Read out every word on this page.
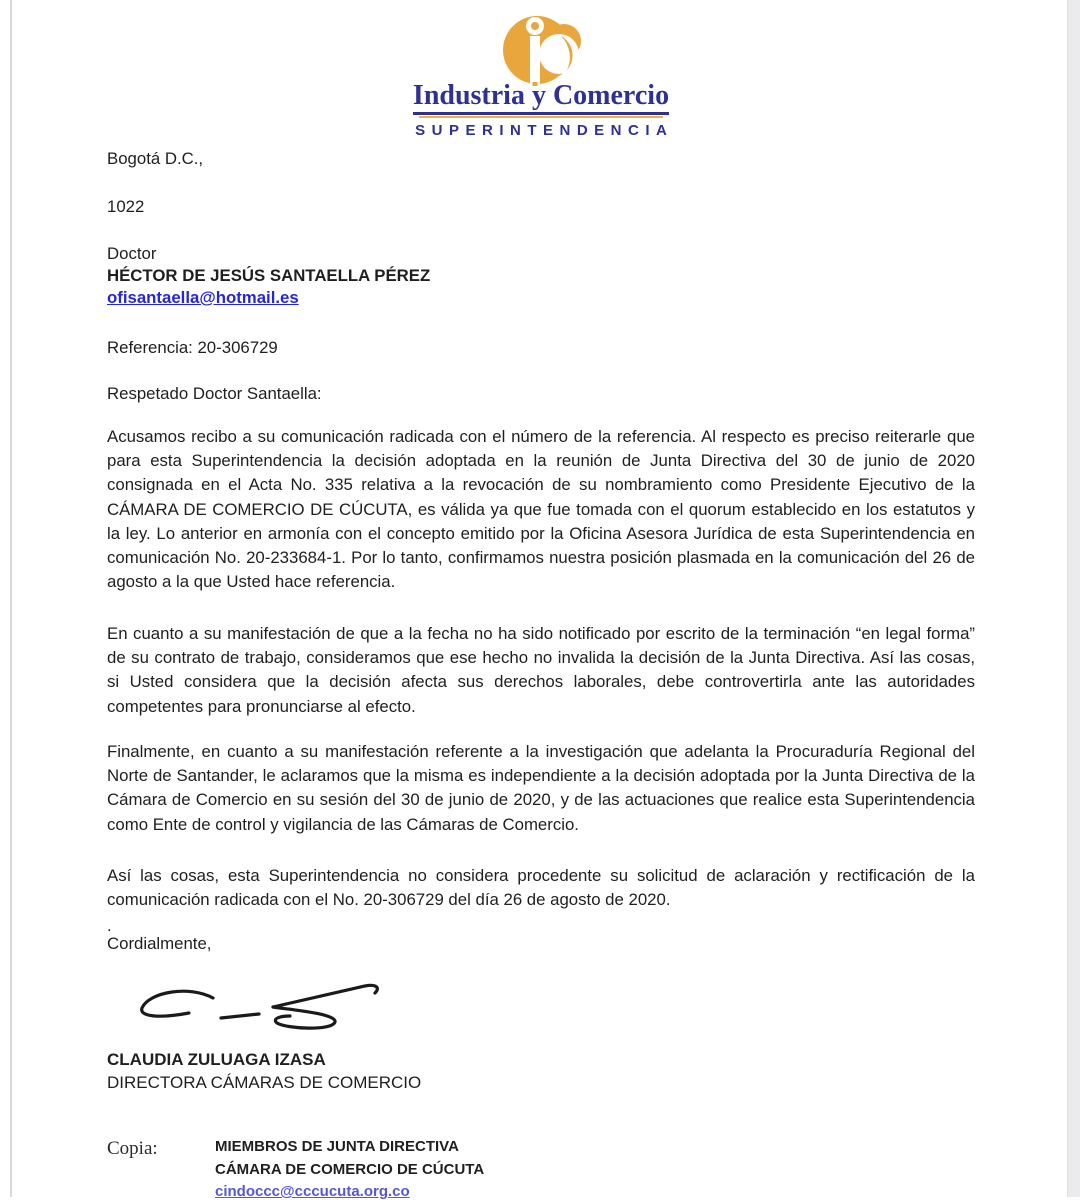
Industria y Comercio
SUPERINTENDENCIA
Bogotá D.C.,
1022
Doctor
HÉCTOR DE JESÚS SANTAELLA PÉREZ
ofisantaella@hotmail.es
Referencia: 20-306729
Respetado Doctor Santaella:
Acusamos recibo a su comunicación radicada con el número de la referencia. Al respecto es preciso reiterarle que para esta Superintendencia la decisión adoptada en la reunión de Junta Directiva del 30 de junio de 2020 consignada en el Acta No. 335 relativa a la revocación de su nombramiento como Presidente Ejecutivo de la CÁMARA DE COMERCIO DE CÚCUTA, es válida ya que fue tomada con el quorum establecido en los estatutos y la ley. Lo anterior en armonía con el concepto emitido por la Oficina Asesora Jurídica de esta Superintendencia en comunicación No. 20-233684-1. Por lo tanto, confirmamos nuestra posición plasmada en la comunicación del 26 de agosto a la que Usted hace referencia.
En cuanto a su manifestación de que a la fecha no ha sido notificado por escrito de la terminación “en legal forma” de su contrato de trabajo, consideramos que ese hecho no invalida la decisión de la Junta Directiva. Así las cosas, si Usted considera que la decisión afecta sus derechos laborales, debe controvertirla ante las autoridades competentes para pronunciarse al efecto.
Finalmente, en cuanto a su manifestación referente a la investigación que adelanta la Procuraduría Regional del Norte de Santander, le aclaramos que la misma es independiente a la decisión adoptada por la Junta Directiva de la Cámara de Comercio en su sesión del 30 de junio de 2020, y de las actuaciones que realice esta Superintendencia como Ente de control y vigilancia de las Cámaras de Comercio.
Así las cosas, esta Superintendencia no considera procedente su solicitud de aclaración y rectificación de la comunicación radicada con el No. 20-306729 del día 26 de agosto de 2020.
.
Cordialmente,
CLAUDIA ZULUAGA IZASA
DIRECTORA CÁMARAS DE COMERCIO
Copia:	MIEMBROS DE JUNTA DIRECTIVA
CÁMARA DE COMERCIO DE CÚCUTA
cindoccc@cccucuta.org.co
